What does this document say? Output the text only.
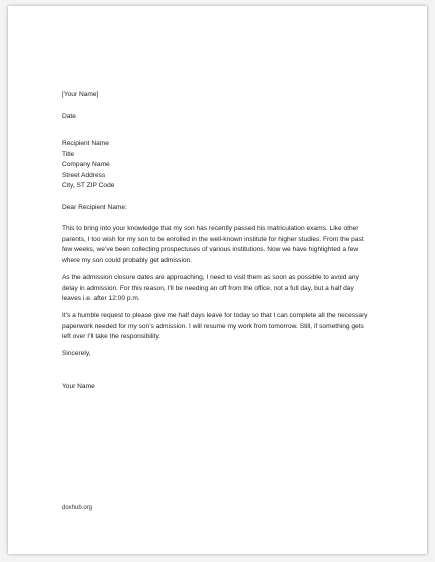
[Your Name]
Date
Recipient Name
Title
Company Name
Street Address
City, ST ZIP Code
Dear Recipient Name:
This to bring into your knowledge that my son has recently passed his matriculation exams. Like other parents, I too wish for my son to be enrolled in the well-known institute for higher studies. From the past few weeks, we’ve been collecting prospectuses of various institutions. Now we have highlighted a few where my son could probably get admission.
As the admission closure dates are approaching, I need to visit them as soon as possible to avoid any delay in admission. For this reason, I’ll be needing an off from the office, not a full day, but a half day leaves i.e. after 12:00 p.m.
It’s a humble request to please give me half days leave for today so that I can complete all the necessary paperwork needed for my son’s admission. I will resume my work from tomorrow. Still, if something gets left over I’ll take the responsibility.
Sincerely,
Your Name
doxhub.org
